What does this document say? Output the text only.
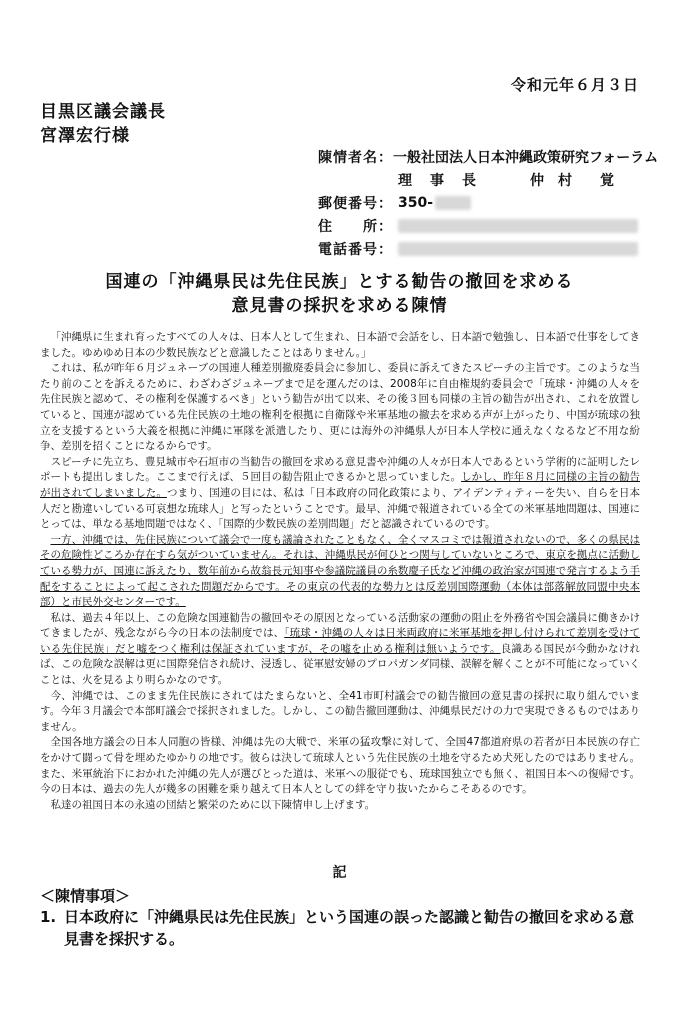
令和元年６月３日
目黒区議会議長
宮澤宏行様
陳情者名： 一般社団法人日本沖縄政策研究フォーラム
理　事　長	仲　村　　覚
郵便番号： 350-
住　　所：
電話番号：
国連の「沖縄県民は先住民族」とする勧告の撤回を求める
意見書の採択を求める陳情

「沖縄県に生まれ育ったすべての人々は、日本人として生まれ、日本語で会話をし、日本語で勉強し、日本語で仕事をしてきました。ゆめゆめ日本の少数民族などと意識したことはありません。」

これは、私が昨年６月ジュネーブの国連人種差別撤廃委員会に参加し、委員に訴えてきたスピーチの主旨です。このような当たり前のことを訴えるために、わざわざジュネーブまで足を運んだのは、2008年に自由権規約委員会で「琉球・沖縄の人々を先住民族と認めて、その権利を保護するべき」という勧告が出て以来、その後３回も同様の主旨の勧告が出され、これを放置していると、国連が認めている先住民族の土地の権利を根拠に自衛隊や米軍基地の撤去を求める声が上がったり、中国が琉球の独立を支援するという大義を根拠に沖縄に軍隊を派遣したり、更には海外の沖縄県人が日本人学校に通えなくなるなど不用な紛争、差別を招くことになるからです。

スピーチに先立ち、豊見城市や石垣市の当勧告の撤回を求める意見書や沖縄の人々が日本人であるという学術的に証明したレポートも提出しました。ここまで行えば、５回目の勧告阻止できるかと思っていました。しかし、昨年８月に同様の主旨の勧告が出されてしまいました。つまり、国連の目には、私は「日本政府の同化政策により、アイデンティティーを失い、自らを日本人だと勘違いしている可哀想な琉球人」と写ったということです。最早、沖縄で報道されている全ての米軍基地問題は、国連にとっては、単なる基地問題ではなく、「国際的少数民族の差別問題」だと認識されているのです。

一方、沖縄では、先住民族について議会で一度も議論されたこともなく、全くマスコミでは報道されないので、多くの県民はその危険性どころか存在すら気がついていません。それは、沖縄県民が何ひとつ関与していないところで、東京を拠点に活動している勢力が、国連に訴えたり、数年前から故翁長元知事や参議院議員の糸数慶子氏など沖縄の政治家が国連で発言するよう手配をすることによって起こされた問題だからです。その東京の代表的な勢力とは反差別国際運動（本体は部落解放同盟中央本部）と市民外交センターです。

私は、過去４年以上、この危険な国連勧告の撤回やその原因となっている活動家の運動の阻止を外務省や国会議員に働きかけてきましたが、残念ながら今の日本の法制度では、「琉球・沖縄の人々は日米両政府に米軍基地を押し付けられて差別を受けている先住民族」だと嘘をつく権利は保証されていますが、その嘘を止める権利は無いようです。良識ある国民が今動かなければ、この危険な誤解は更に国際発信され続け、浸透し、従軍慰安婦のプロパガンダ同様、誤解を解くことが不可能になっていくことは、火を見るより明らかなのです。

今、沖縄では、このまま先住民族にされてはたまらないと、全41市町村議会での勧告撤回の意見書の採択に取り組んでいます。今年３月議会で本部町議会で採択されました。しかし、この勧告撤回運動は、沖縄県民だけの力で実現できるものではありません。

全国各地方議会の日本人同胞の皆様、沖縄は先の大戦で、米軍の猛攻撃に対して、全国47都道府県の若者が日本民族の存亡をかけて闘って骨を埋めたゆかりの地です。彼らは決して琉球人という先住民族の土地を守るため犬死したのではありません。また、米軍統治下におかれた沖縄の先人が選びとった道は、米軍への服従でも、琉球国独立でも無く、祖国日本への復帰です。今の日本は、過去の先人が幾多の困難を乗り越えて日本人としての絆を守り抜いたからこそあるのです。

私達の祖国日本の永遠の団結と繁栄のために以下陳情申し上げます。

記
＜陳情事項＞
1. 日本政府に「沖縄県民は先住民族」という国連の誤った認識と勧告の撤回を求める意見書を採択する。
